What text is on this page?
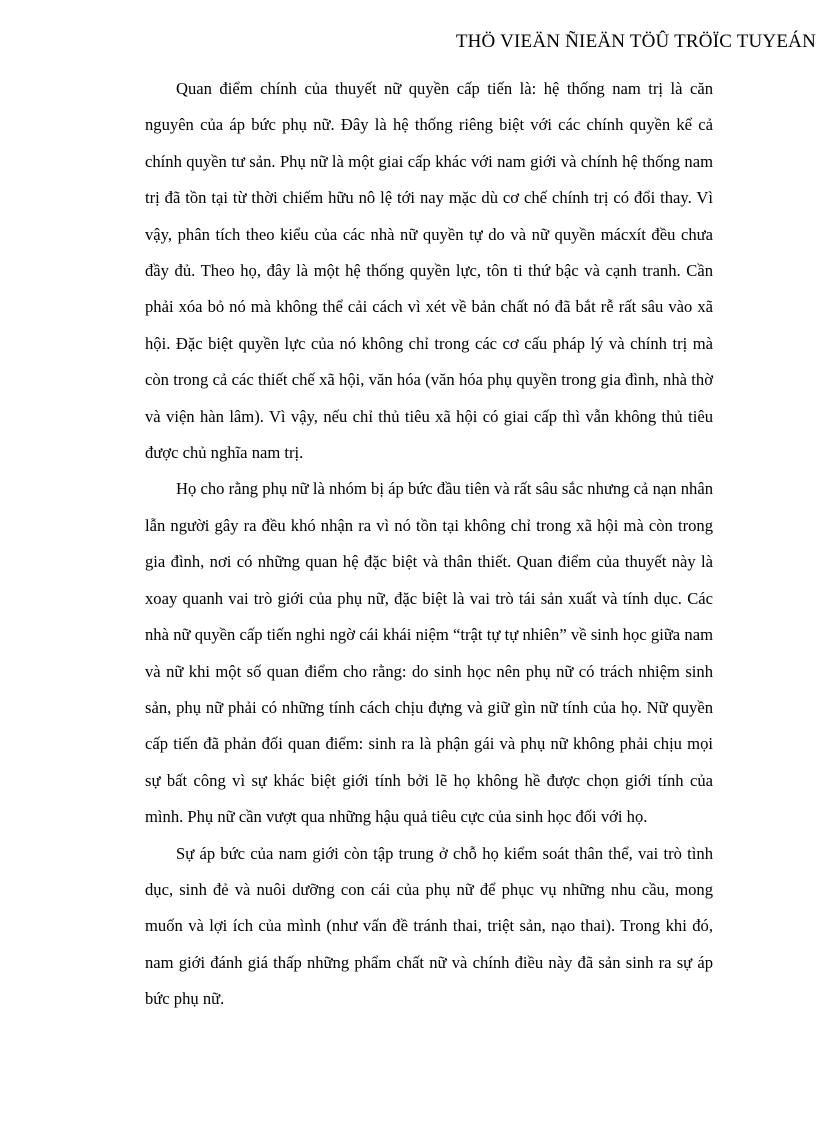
THÖ VIEÄN ÑIEÄN TÖÛ TRÖÏC TUYEÁN

Quan điểm chính của thuyết nữ quyền cấp tiến là: hệ thống nam trị là căn nguyên của áp bức phụ nữ. Đây là hệ thống riêng biệt với các chính quyền kể cả chính quyền tư sản. Phụ nữ là một giai cấp khác với nam giới và chính hệ thống nam trị đã tồn tại từ thời chiếm hữu nô lệ tới nay mặc dù cơ chế chính trị có đổi thay. Vì vậy, phân tích theo kiểu của các nhà nữ quyền tự do và nữ quyền mácxít đều chưa đầy đủ. Theo họ, đây là một hệ thống quyền lực, tôn ti thứ bậc và cạnh tranh. Cần phải xóa bỏ nó mà không thể cải cách vì xét về bản chất nó đã bắt rễ rất sâu vào xã hội. Đặc biệt quyền lực của nó không chỉ trong các cơ cấu pháp lý và chính trị mà còn trong cả các thiết chế xã hội, văn hóa (văn hóa phụ quyền trong gia đình, nhà thờ và viện hàn lâm). Vì vậy, nếu chỉ thủ tiêu xã hội có giai cấp thì vẫn không thủ tiêu được chủ nghĩa nam trị.

Họ cho rằng phụ nữ là nhóm bị áp bức đầu tiên và rất sâu sắc nhưng cả nạn nhân lẫn người gây ra đều khó nhận ra vì nó tồn tại không chỉ trong xã hội mà còn trong gia đình, nơi có những quan hệ đặc biệt và thân thiết. Quan điểm của thuyết này là xoay quanh vai trò giới của phụ nữ, đặc biệt là vai trò tái sản xuất và tính dục. Các nhà nữ quyền cấp tiến nghi ngờ cái khái niệm “trật tự tự nhiên” về sinh học giữa nam và nữ khi một số quan điểm cho rằng: do sinh học nên phụ nữ có trách nhiệm sinh sản, phụ nữ phải có những tính cách chịu đựng và giữ gìn nữ tính của họ. Nữ quyền cấp tiến đã phản đối quan điểm: sinh ra là phận gái và phụ nữ không phải chịu mọi sự bất công vì sự khác biệt giới tính bởi lẽ họ không hề được chọn giới tính của mình. Phụ nữ cần vượt qua những hậu quả tiêu cực của sinh học đối với họ.

Sự áp bức của nam giới còn tập trung ở chỗ họ kiểm soát thân thể, vai trò tình dục, sinh đẻ và nuôi dưỡng con cái của phụ nữ để phục vụ những nhu cầu, mong muốn và lợi ích của mình (như vấn đề tránh thai, triệt sản, nạo thai). Trong khi đó, nam giới đánh giá thấp những phẩm chất nữ và chính điều này đã sản sinh ra sự áp bức phụ nữ.
